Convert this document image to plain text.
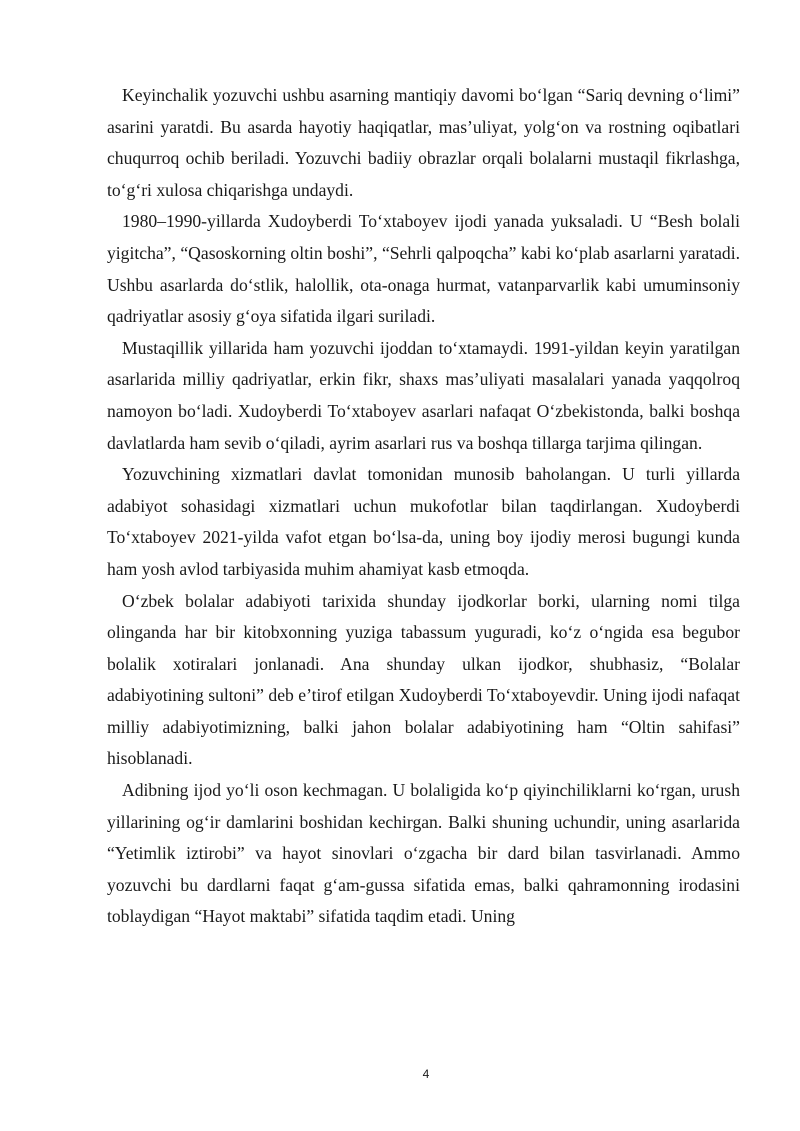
Keyinchalik yozuvchi ushbu asarning mantiqiy davomi bo‘lgan “Sariq devning o‘limi” asarini yaratdi. Bu asarda hayotiy haqiqatlar, mas’uliyat, yolg‘on va rostning oqibatlari chuqurroq ochib beriladi. Yozuvchi badiiy obrazlar orqali bolalarni mustaqil fikrlashga, to‘g‘ri xulosa chiqarishga undaydi.

1980–1990-yillarda Xudoyberdi To‘xtaboyev ijodi yanada yuksaladi. U “Besh bolali yigitcha”, “Qasoskorning oltin boshi”, “Sehrli qalpoqcha” kabi ko‘plab asarlarni yaratadi. Ushbu asarlarda do‘stlik, halollik, ota-onaga hurmat, vatanparvarlik kabi umuminsoniy qadriyatlar asosiy g‘oya sifatida ilgari suriladi.

Mustaqillik yillarida ham yozuvchi ijoddan to‘xtamaydi. 1991-yildan keyin yaratilgan asarlarida milliy qadriyatlar, erkin fikr, shaxs mas’uliyati masalalari yanada yaqqolroq namoyon bo‘ladi. Xudoyberdi To‘xtaboyev asarlari nafaqat O‘zbekistonda, balki boshqa davlatlarda ham sevib o‘qiladi, ayrim asarlari rus va boshqa tillarga tarjima qilingan.

Yozuvchining xizmatlari davlat tomonidan munosib baholangan. U turli yillarda adabiyot sohasidagi xizmatlari uchun mukofotlar bilan taqdirlangan. Xudoyberdi To‘xtaboyev 2021-yilda vafot etgan bo‘lsa-da, uning boy ijodiy merosi bugungi kunda ham yosh avlod tarbiyasida muhim ahamiyat kasb etmoqda.

O‘zbek bolalar adabiyoti tarixida shunday ijodkorlar borki, ularning nomi tilga olinganda har bir kitobxonning yuziga tabassum yuguradi, ko‘z o‘ngida esa begubor bolalik xotiralari jonlanadi. Ana shunday ulkan ijodkor, shubhasiz, “Bolalar adabiyotining sultoni” deb e’tirof etilgan Xudoyberdi To‘xtaboyevdir. Uning ijodi nafaqat milliy adabiyotimizning, balki jahon bolalar adabiyotining ham “Oltin sahifasi” hisoblanadi.

Adibning ijod yo‘li oson kechmagan. U bolaligida ko‘p qiyinchiliklarni ko‘rgan, urush yillarining og‘ir damlarini boshidan kechirgan. Balki shuning uchundir, uning asarlarida “Yetimlik iztirobi” va hayot sinovlari o‘zgacha bir dard bilan tasvirlanadi. Ammo yozuvchi bu dardlarni faqat g‘am-gussa sifatida emas, balki qahramonning irodasini toblaydigan “Hayot maktabi” sifatida taqdim etadi. Uning

4
